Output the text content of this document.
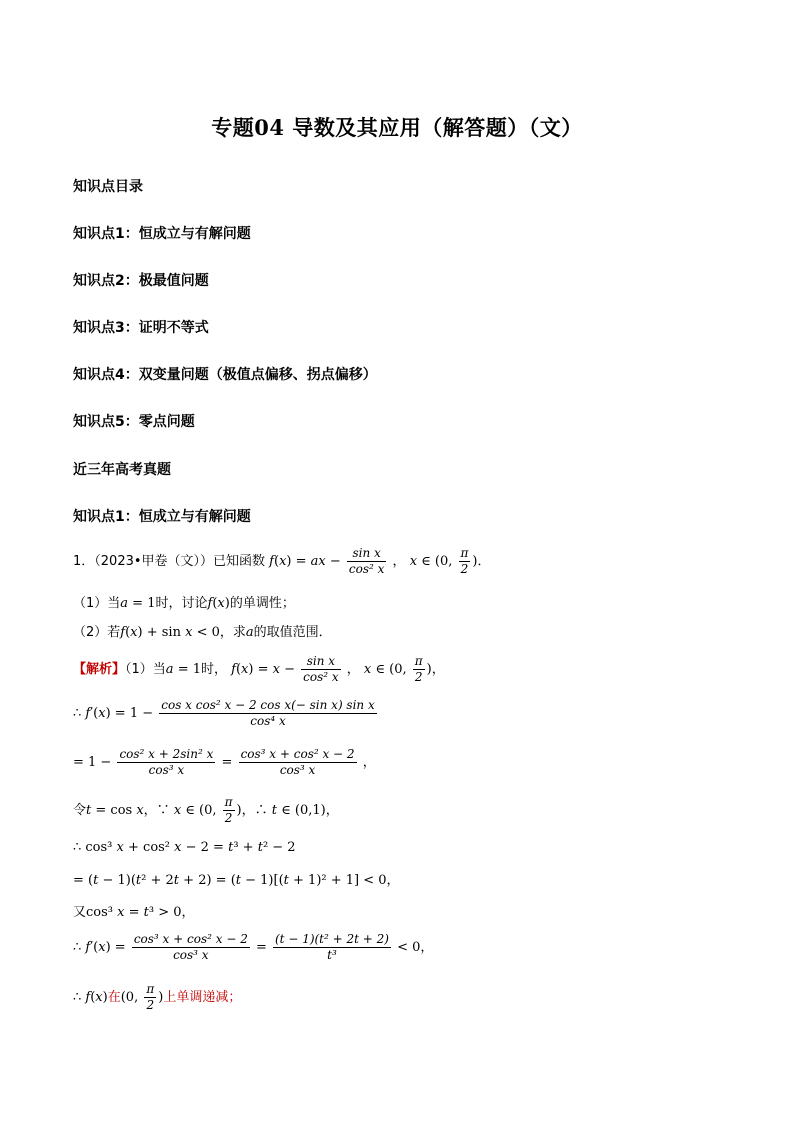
专题04 导数及其应用（解答题）（文）
知识点目录
知识点1：恒成立与有解问题
知识点2：极最值问题
知识点3：证明不等式
知识点4：双变量问题（极值点偏移、拐点偏移）
知识点5：零点问题
近三年高考真题
知识点1：恒成立与有解问题
1．（2023•甲卷（文））已知函数 f(x) = ax − $\frac{\text{sin x}}{\text{cos² x}}$ ， x ∈ (0, $\frac{\pi}{2}$ )．
（1）当a = 1时，讨论f(x)的单调性；
（2）若f(x) + sin x < 0，求a的取值范围．
【解析】（1）当a = 1时， $f(x) = x - \frac{\text{sin x}}{\text{cos² x}}$ ， x ∈ (0, $\frac{\pi}{2}$ )，
∴ $f'(x) = 1 - \frac{\text{cos x cos² x − 2 cos x(− sin x) sin x}}{\text{cos⁴ x}}$
= $1 - \frac{\text{cos² x + 2sin² x}}{\text{cos³ x}} = \frac{\text{cos³ x + cos² x − 2}}{\text{cos³ x}}$ ，
令t = cos x，∵ x ∈ (0, $\frac{\pi}{2}$ )，∴ t ∈ (0,1)，
∴ cos³ x + cos² x − 2 = t³ + t² − 2
= (t − 1)(t² + 2t + 2) = (t − 1)[(t + 1)² + 1] < 0，
又cos³ x = t³ > 0，
∴ $f'(x) = \frac{\text{cos³ x + cos² x − 2}}{\text{cos³ x}} = \frac{\text{(t − 1)(t² + 2t + 2)}}{\text{t³}} < 0$，
∴ f(x)在(0, $\frac{\pi}{2}$ )上单调递减；
